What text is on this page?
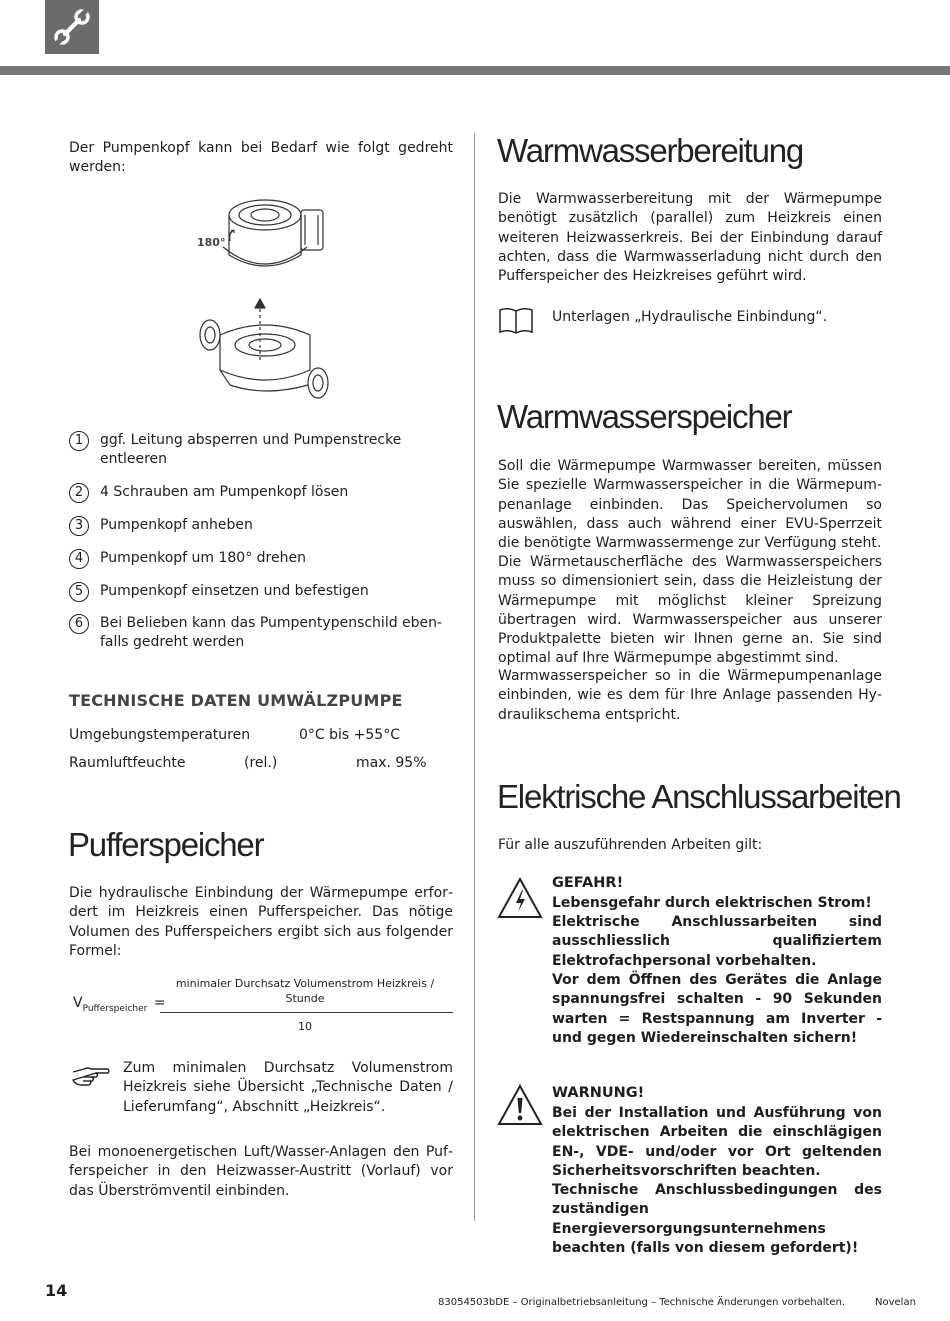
Der Pumpenkopf kann bei Bedarf wie folgt gedreht werden:

180°
1	ggf. Leitung absperren und Pumpenstrecke entleeren
2	4 Schrauben am Pumpenkopf lösen
3	Pumpenkopf anheben
4	Pumpenkopf um 180° drehen
5	Pumpenkopf einsetzen und befestigen
6	Bei Belieben kann das Pumpentypenschild ebenfalls gedreht werden
TECHNISCHE DATEN UMWÄLZPUMPE
Umgebungstemperaturen	0°C bis +55°C
Raumluftfeuchte	(rel.)	max. 95%
Pufferspeicher

Die hydraulische Einbindung der Wärmepumpe erfordert im Heizkreis einen Pufferspeicher. Das nötige Volumen des Pufferspeichers ergibt sich aus folgender Formel:

$V_{Pufferspeicher}$ =
minimaler Durchsatz Volumenstrom Heizkreis / Stunde
10

Zum minimalen Durchsatz Volumenstrom Heizkreis siehe Übersicht „Technische Daten / Lieferumfang“, Abschnitt „Heizkreis“.

Bei monoenergetischen Luft/Wasser-Anlagen den Pufferspeicher in den Heizwasser-Austritt (Vorlauf) vor das Überströmventil einbinden.

Warmwasserbereitung

Die Warmwasserbereitung mit der Wärmepumpe benötigt zusätzlich (parallel) zum Heizkreis einen weiteren Heizwasserkreis. Bei der Einbindung darauf achten, dass die Warmwasserladung nicht durch den Pufferspeicher des Heizkreises geführt wird.

Unterlagen „Hydraulische Einbindung“.

Warmwasserspeicher

Soll die Wärmepumpe Warmwasser bereiten, müssen Sie spezielle Warmwasserspeicher in die Wärmepumpenanlage einbinden. Das Speichervolumen so auswählen, dass auch während einer EVU-Sperrzeit die benötigte Warmwassermenge zur Verfügung steht.

Die Wärmetauscherfläche des Warmwasserspeichers muss so dimensioniert sein, dass die Heizleistung der Wärmepumpe mit möglichst kleiner Spreizung übertragen wird. Warmwasserspeicher aus unserer Produktpalette bieten wir Ihnen gerne an. Sie sind optimal auf Ihre Wärmepumpe abgestimmt sind.

Warmwasserspeicher so in die Wärmepumpenanlage einbinden, wie es dem für Ihre Anlage passenden Hydraulikschema entspricht.

Elektrische Anschlussarbeiten

Für alle auszuführenden Arbeiten gilt:

GEFAHR!

Lebensgefahr durch elektrischen Strom!

Elektrische Anschlussarbeiten sind ausschliesslich qualifiziertem Elektrofachpersonal vorbehalten.

Vor dem Öffnen des Gerätes die Anlage spannungsfrei schalten - 90 Sekunden warten = Restspannung am Inverter - und gegen Wiedereinschalten sichern!

WARNUNG!

Bei der Installation und Ausführung von elektrischen Arbeiten die einschlägigen EN-, VDE- und/oder vor Ort geltenden Sicherheitsvorschriften beachten.

Technische Anschlussbedingungen des zuständigen Energieversorgungsunternehmens beachten (falls von diesem gefordert)!

14
83054503bDE – Originalbetriebsanleitung – Technische Änderungen vorbehalten.	Novelan
